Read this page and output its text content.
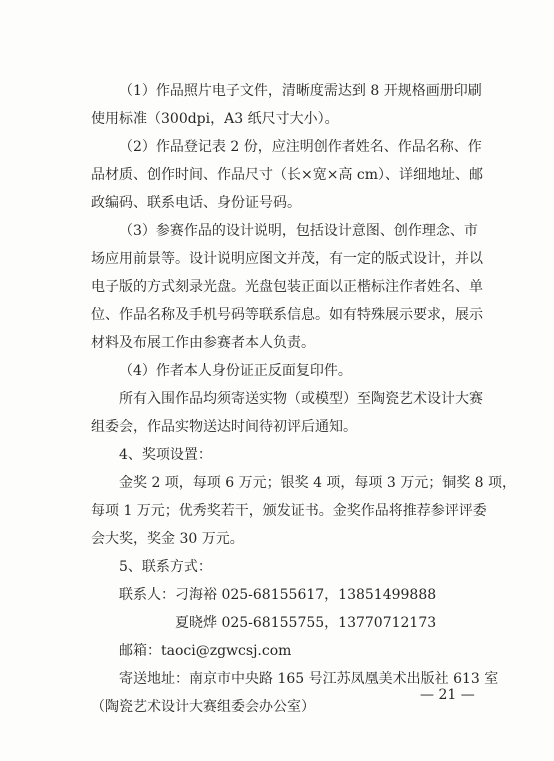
（1）作品照片电子文件，清晰度需达到 8 开规格画册印刷
使用标准（300dpi，A3 纸尺寸大小）。
（2）作品登记表 2 份，应注明创作者姓名、作品名称、作
品材质、创作时间、作品尺寸（长×宽×高 cm）、详细地址、邮
政编码、联系电话、身份证号码。
（3）参赛作品的设计说明，包括设计意图、创作理念、市
场应用前景等。设计说明应图文并茂，有一定的版式设计，并以
电子版的方式刻录光盘。光盘包装正面以正楷标注作者姓名、单
位、作品名称及手机号码等联系信息。如有特殊展示要求，展示
材料及布展工作由参赛者本人负责。
（4）作者本人身份证正反面复印件。
所有入围作品均须寄送实物（或模型）至陶瓷艺术设计大赛
组委会，作品实物送达时间待初评后通知。
4、奖项设置：
金奖 2 项，每项 6 万元；银奖 4 项，每项 3 万元；铜奖 8 项，
每项 1 万元；优秀奖若干，颁发证书。金奖作品将推荐参评评委
会大奖，奖金 30 万元。
5、联系方式：
联系人：刁海裕 025-68155617，13851499888
夏晓烨 025-68155755，13770712173
邮箱：taoci@zgwcsj.com
寄送地址：南京市中央路 165 号江苏凤凰美术出版社 613 室
（陶瓷艺术设计大赛组委会办公室）
— 21 —
